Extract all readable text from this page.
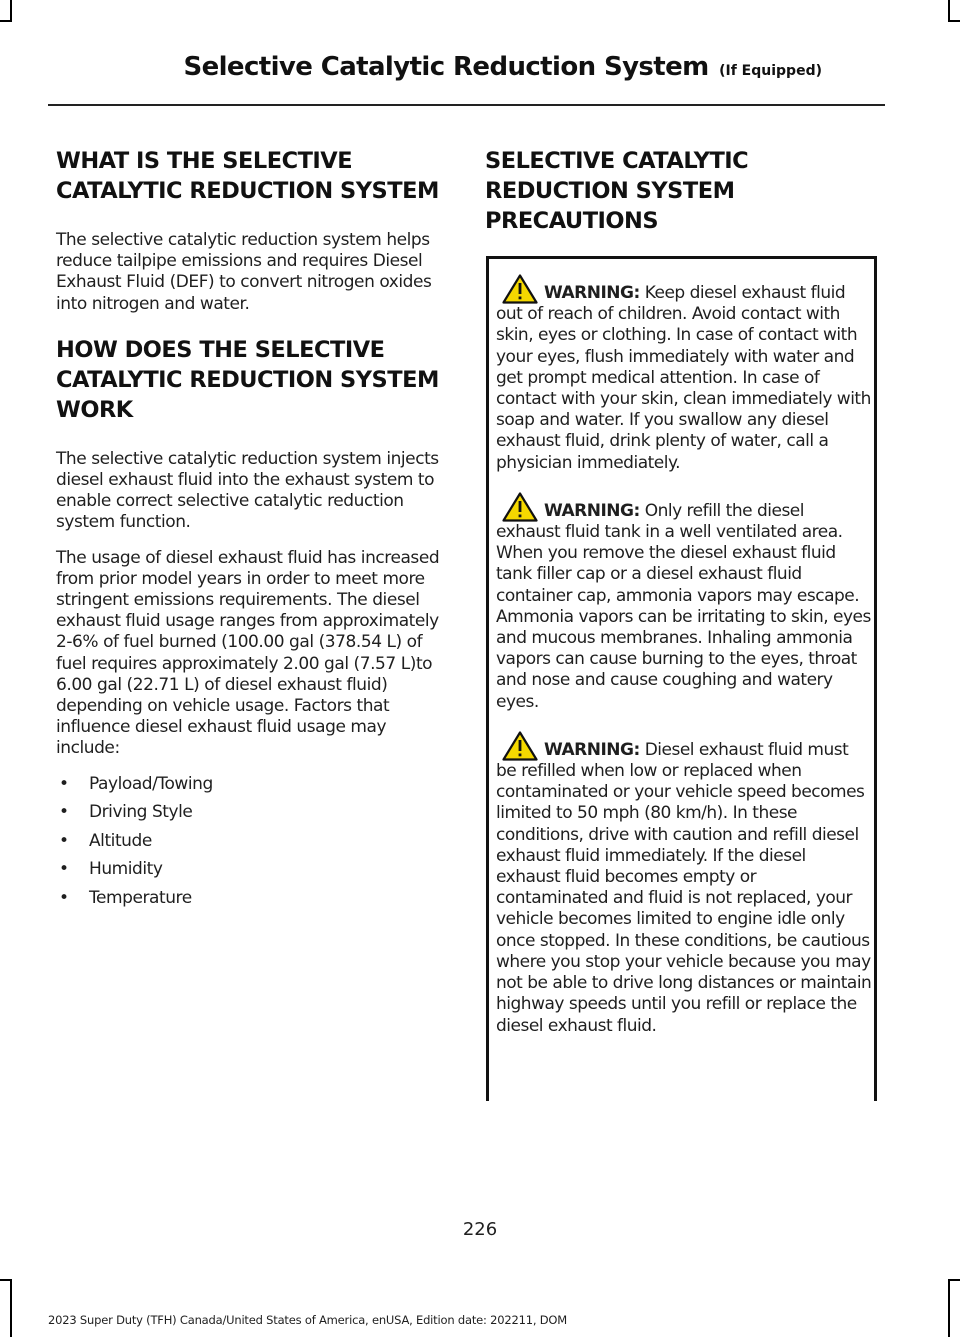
Selective Catalytic Reduction System (If Equipped)
WHAT IS THE SELECTIVE CATALYTIC REDUCTION SYSTEM

The selective catalytic reduction system helps reduce tailpipe emissions and requires Diesel Exhaust Fluid (DEF) to convert nitrogen oxides into nitrogen and water.

HOW DOES THE SELECTIVE CATALYTIC REDUCTION SYSTEM WORK

The selective catalytic reduction system injects diesel exhaust fluid into the exhaust system to enable correct selective catalytic reduction system function.

The usage of diesel exhaust fluid has increased from prior model years in order to meet more stringent emissions requirements. The diesel exhaust fluid usage ranges from approximately 2-6% of fuel burned (100.00 gal (378.54 L) of fuel requires approximately 2.00 gal (7.57 L)to 6.00 gal (22.71 L) of diesel exhaust fluid) depending on vehicle usage. Factors that influence diesel exhaust fluid usage may include:

• Payload/Towing
• Driving Style
• Altitude
• Humidity
• Temperature
SELECTIVE CATALYTIC REDUCTION SYSTEM PRECAUTIONS

WARNING: Keep diesel exhaust fluid out of reach of children. Avoid contact with skin, eyes or clothing. In case of contact with your eyes, flush immediately with water and get prompt medical attention. In case of contact with your skin, clean immediately with soap and water. If you swallow any diesel exhaust fluid, drink plenty of water, call a physician immediately.

WARNING: Only refill the diesel exhaust fluid tank in a well ventilated area. When you remove the diesel exhaust fluid tank filler cap or a diesel exhaust fluid container cap, ammonia vapors may escape. Ammonia vapors can be irritating to skin, eyes and mucous membranes. Inhaling ammonia vapors can cause burning to the eyes, throat and nose and cause coughing and watery eyes.

WARNING: Diesel exhaust fluid must be refilled when low or replaced when contaminated or your vehicle speed becomes limited to 50 mph (80 km/h). In these conditions, drive with caution and refill diesel exhaust fluid immediately. If the diesel exhaust fluid becomes empty or contaminated and fluid is not replaced, your vehicle becomes limited to engine idle only once stopped. In these conditions, be cautious where you stop your vehicle because you may not be able to drive long distances or maintain highway speeds until you refill or replace the diesel exhaust fluid.

226
2023 Super Duty (TFH) Canada/United States of America, enUSA, Edition date: 202211, DOM
